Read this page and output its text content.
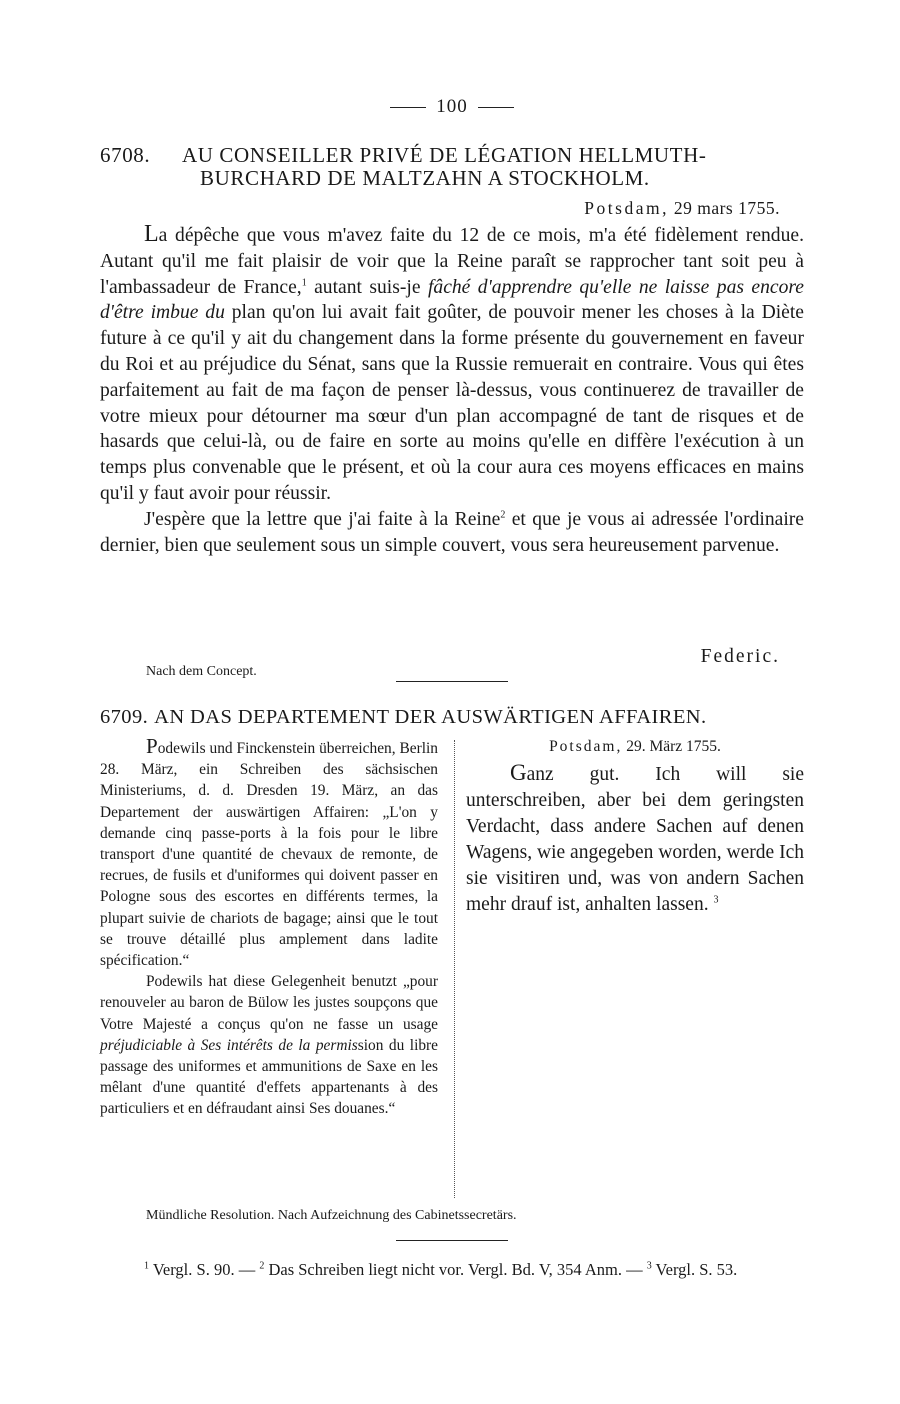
100
6708. AU CONSEILLER PRIVÉ DE LÉGATION HELLMUTH-
BURCHARD DE MALTZAHN A STOCKHOLM.
Potsdam, 29 mars 1755.

La dépêche que vous m'avez faite du 12 de ce mois, m'a été fidèlement rendue. Autant qu'il me fait plaisir de voir que la Reine paraît se rapprocher tant soit peu à l'ambassadeur de France,$^1$ autant suis-je fâché d'apprendre qu'elle ne laisse pas encore d'être imbue du plan qu'on lui avait fait goûter, de pouvoir mener les choses à la Diète future à ce qu'il y ait du changement dans la forme présente du gouvernement en faveur du Roi et au préjudice du Sénat, sans que la Russie remuerait en contraire. Vous qui êtes parfaitement au fait de ma façon de penser là-dessus, vous continuerez de travailler de votre mieux pour détourner ma sœur d'un plan accompagné de tant de risques et de hasards que celui-là, ou de faire en sorte au moins qu'elle en diffère l'exécution à un temps plus convenable que le présent, et où la cour aura ces moyens efficaces en mains qu'il y faut avoir pour réussir.

J'espère que la lettre que j'ai faite à la Reine$^2$ et que je vous ai adressée l'ordinaire dernier, bien que seulement sous un simple couvert, vous sera heureusement parvenue.

Federic.
Nach dem Concept.
6709. AN DAS DEPARTEMENT DER AUSWÄRTIGEN AFFAIREN.

Podewils und Finckenstein überreichen, Berlin 28. März, ein Schreiben des sächsischen Ministeriums, d. d. Dresden 19. März, an das Departement der auswärtigen Affairen: „L'on y demande cinq passe-ports à la fois pour le libre transport d'une quantité de chevaux de remonte, de recrues, de fusils et d'uniformes qui doivent passer en Pologne sous des escortes en différents termes, la plupart suivie de chariots de bagage; ainsi que le tout se trouve détaillé plus amplement dans ladite spécification.“

Podewils hat diese Gelegenheit benutzt „pour renouveler au baron de Bülow les justes soupçons que Votre Majesté a conçus qu'on ne fasse un usage préjudiciable à Ses intérêts de la permission du libre passage des uniformes et ammunitions de Saxe en les mêlant d'une quantité d'effets appartenants à des particuliers et en défraudant ainsi Ses douanes.“

Potsdam, 29. März 1755.
Ganz gut. Ich will sie unterschreiben, aber bei dem geringsten Verdacht, dass andere Sachen auf denen Wagens, wie angegeben worden, werde Ich sie visitiren und, was von andern Sachen mehr drauf ist, anhalten lassen. $^3$
Mündliche Resolution. Nach Aufzeichnung des Cabinetssecretärs.
$^1$ Vergl. S. 90. — $^2$ Das Schreiben liegt nicht vor. Vergl. Bd. V, 354 Anm. — $^3$ Vergl. S. 53.
